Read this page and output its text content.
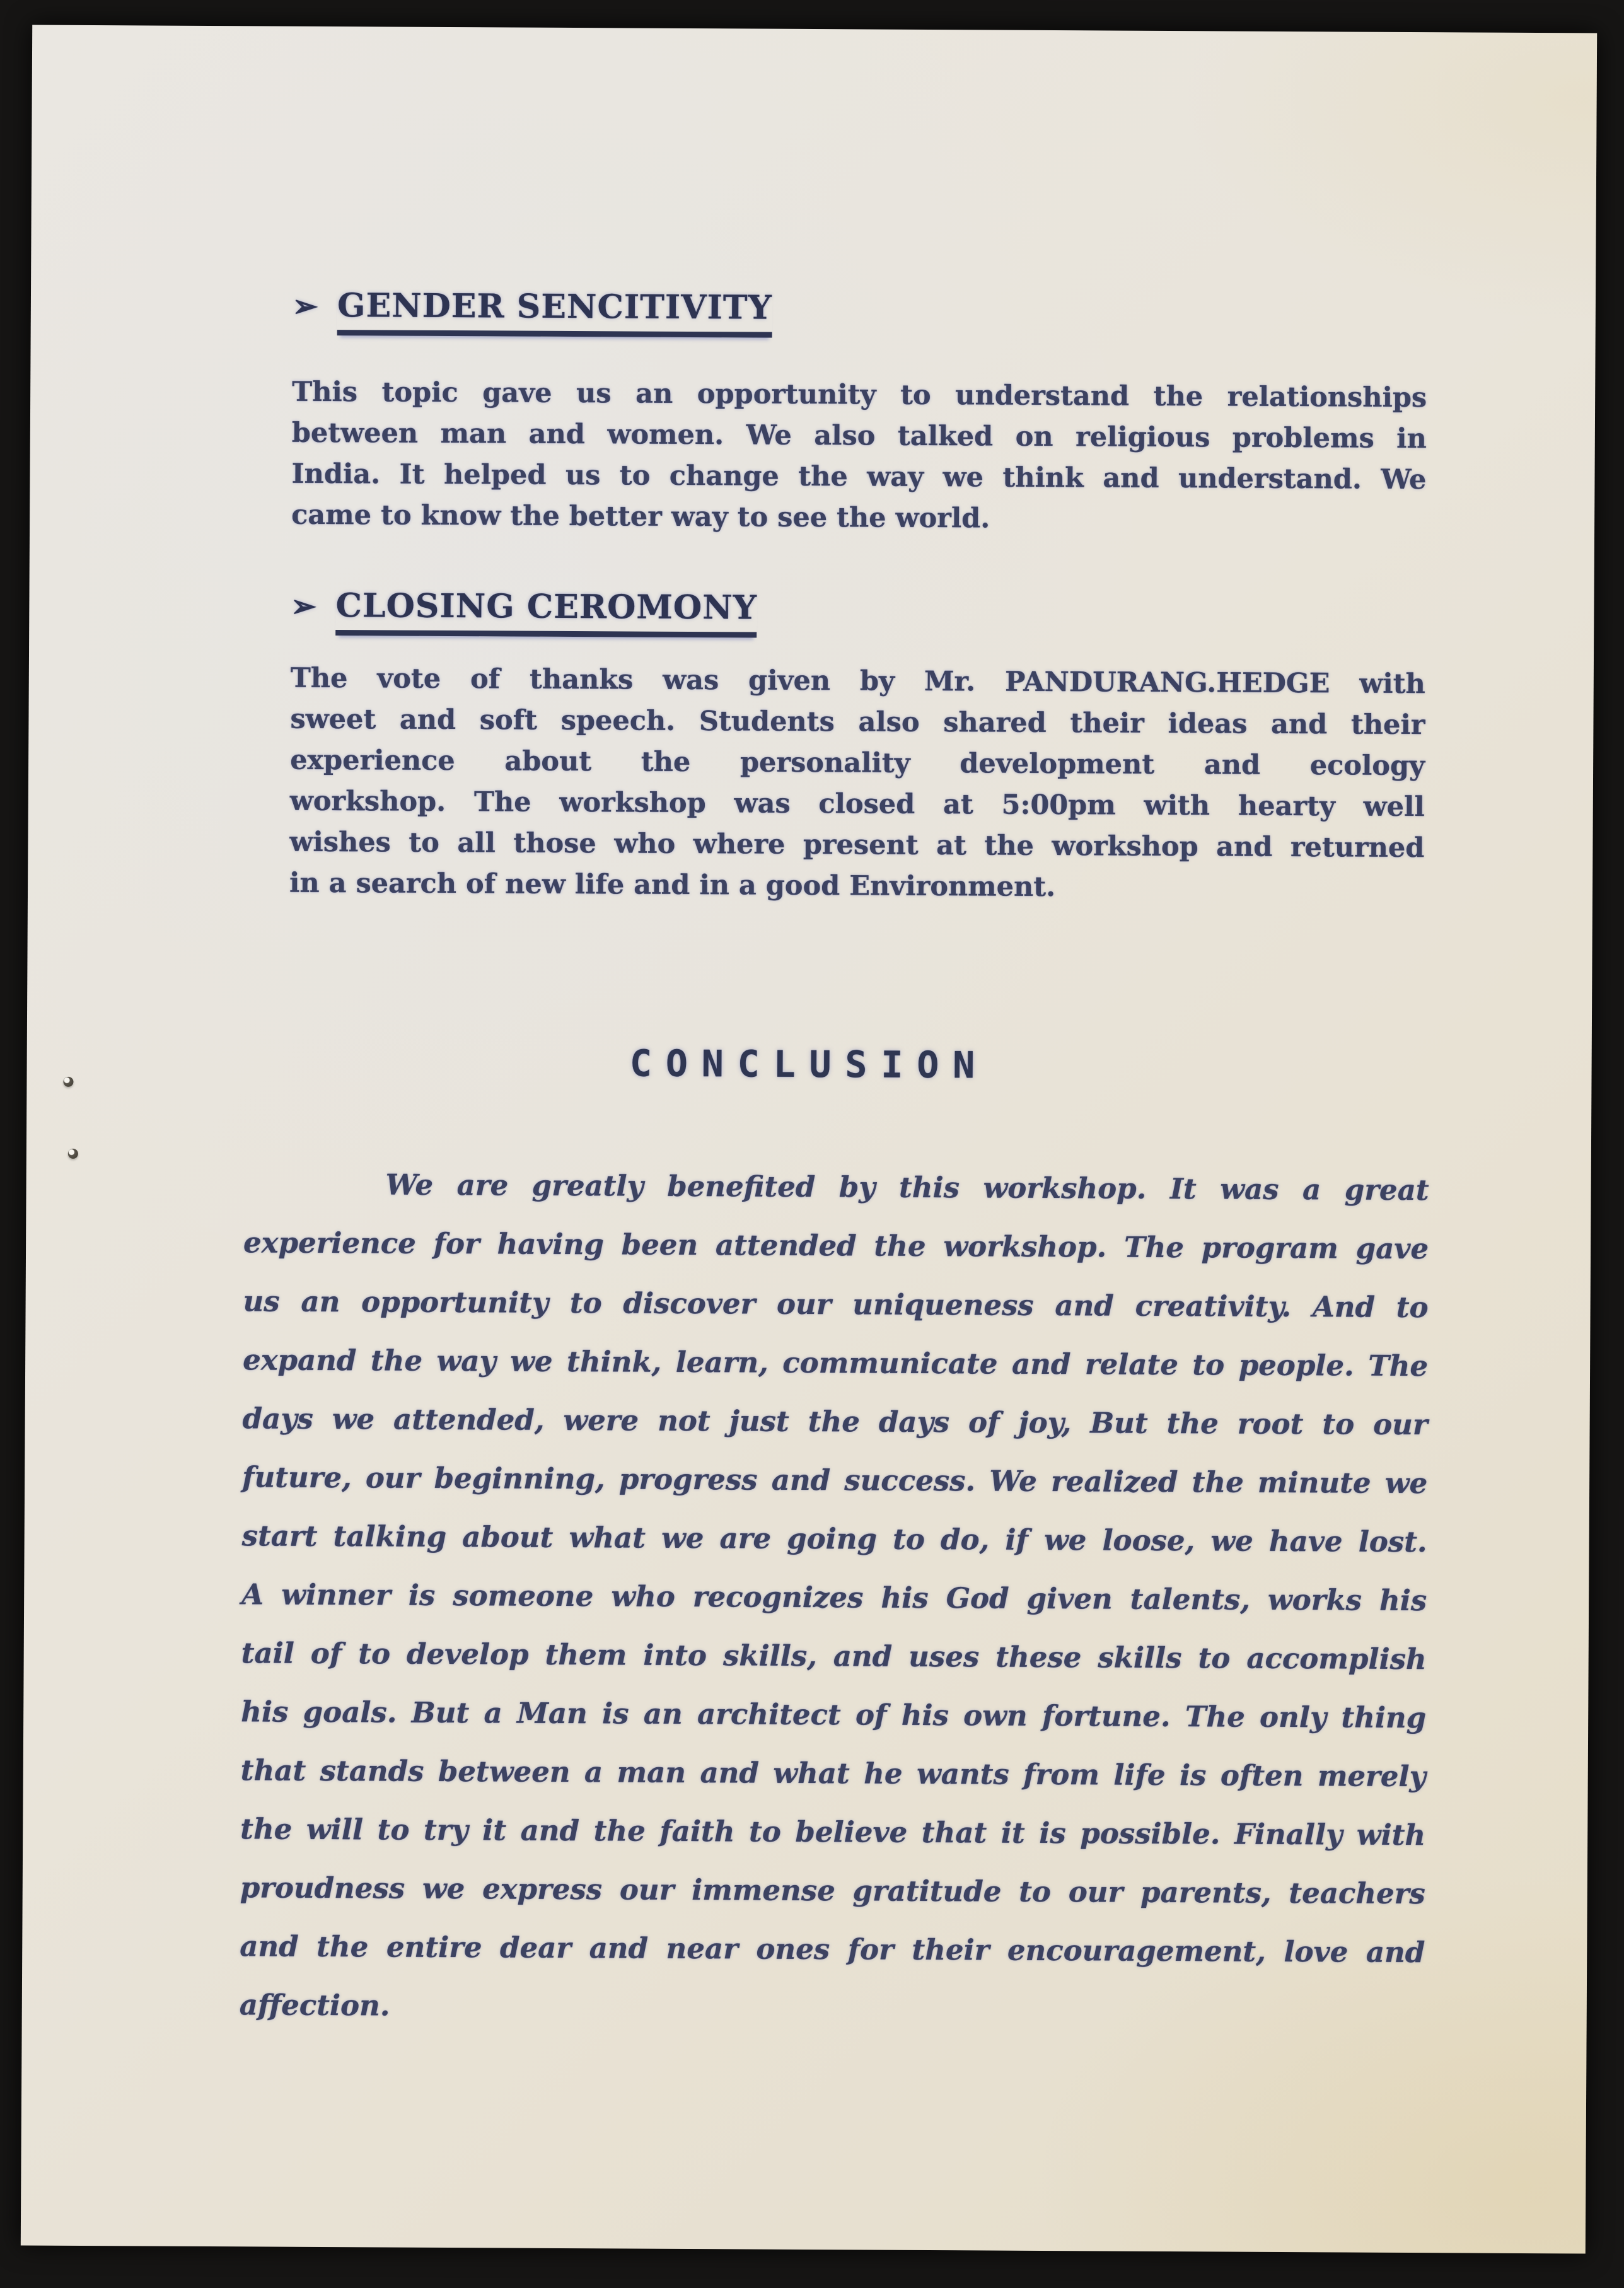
➢ GENDER SENCITIVITY
This topic gave us an opportunity to understand the relationships
between man and women. We also talked on religious problems in
India. It helped us to change the way we think and understand. We
came to know the better way to see the world.
➢ CLOSING CEROMONY
The vote of thanks was given by Mr. PANDURANG.HEDGE with
sweet and soft speech. Students also shared their ideas and their
experience about the personality development and ecology
workshop. The workshop was closed at 5:00pm with hearty well
wishes to all those who where present at the workshop and returned
in a search of new life and in a good Environment.
CONCLUSION
We are greatly benefited by this workshop. It was a great
experience for having been attended the workshop. The program gave
us an opportunity to discover our uniqueness and creativity. And to
expand the way we think, learn, communicate and relate to people. The
days we attended, were not just the days of joy, But the root to our
future, our beginning, progress and success. We realized the minute we
start talking about what we are going to do, if we loose, we have lost.
A winner is someone who recognizes his God given talents, works his
tail of to develop them into skills, and uses these skills to accomplish
his goals. But a Man is an architect of his own fortune. The only thing
that stands between a man and what he wants from life is often merely
the will to try it and the faith to believe that it is possible. Finally with
proudness we express our immense gratitude to our parents, teachers
and the entire dear and near ones for their encouragement, love and
affection.
